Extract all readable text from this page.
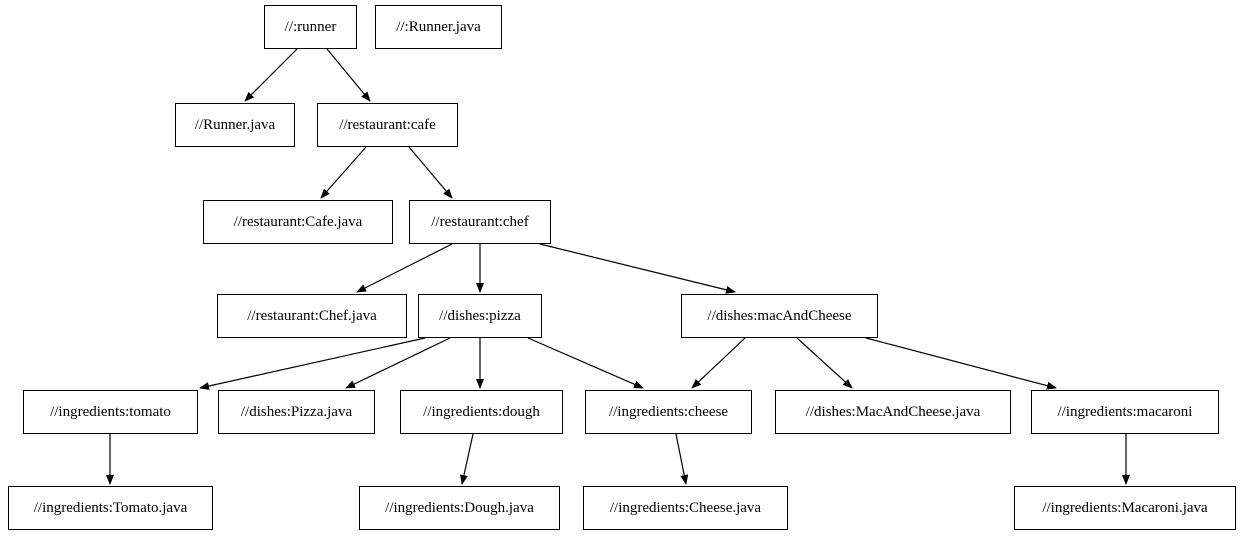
//:runner	//:Runner.java
//Runner.java	//restaurant:cafe
//restaurant:Cafe.java	//restaurant:chef
//restaurant:Chef.java	//dishes:pizza	//dishes:macAndCheese
//ingredients:tomato	//dishes:Pizza.java	//ingredients:dough	//ingredients:cheese	//dishes:MacAndCheese.java	//ingredients:macaroni
//ingredients:Tomato.java	//ingredients:Dough.java	//ingredients:Cheese.java	//ingredients:Macaroni.java
